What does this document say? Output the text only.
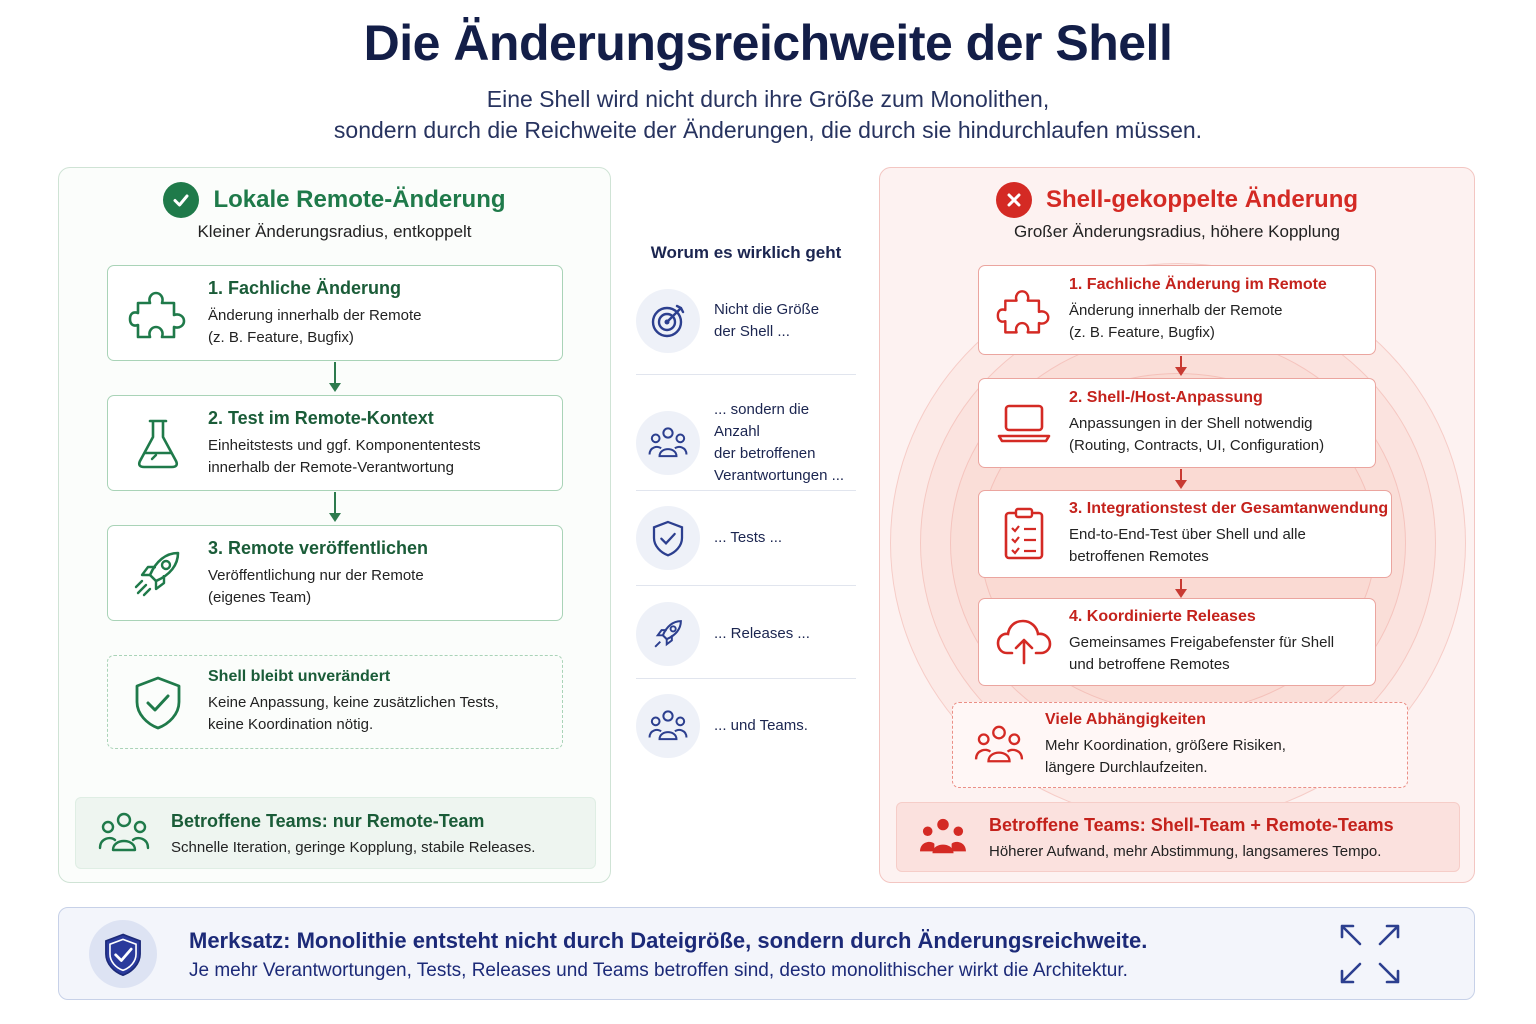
Die Änderungsreichweite der Shell
Eine Shell wird nicht durch ihre Größe zum Monolithen,
sondern durch die Reichweite der Änderungen, die durch sie hindurchlaufen müssen.
Lokale Remote-Änderung
Kleiner Änderungsradius, entkoppelt
1. Fachliche Änderung
Änderung innerhalb der Remote
(z. B. Feature, Bugfix)
2. Test im Remote-Kontext
Einheitstests und ggf. Komponententests
innerhalb der Remote-Verantwortung
3. Remote veröffentlichen
Veröffentlichung nur der Remote
(eigenes Team)
Shell bleibt unverändert
Keine Anpassung, keine zusätzlichen Tests,
keine Koordination nötig.
Betroffene Teams: nur Remote-Team
Schnelle Iteration, geringe Kopplung, stabile Releases.
Worum es wirklich geht
Nicht die Größe
der Shell ...
... sondern die Anzahl
der betroffenen
Verantwortungen ...
... Tests ...
... Releases ...
... und Teams.
Shell-gekoppelte Änderung
Großer Änderungsradius, höhere Kopplung
1. Fachliche Änderung im Remote
Änderung innerhalb der Remote
(z. B. Feature, Bugfix)
2. Shell-/Host-Anpassung
Anpassungen in der Shell notwendig
(Routing, Contracts, UI, Configuration)
3. Integrationstest der Gesamtanwendung
End-to-End-Test über Shell und alle
betroffenen Remotes
4. Koordinierte Releases
Gemeinsames Freigabefenster für Shell
und betroffene Remotes
Viele Abhängigkeiten
Mehr Koordination, größere Risiken,
längere Durchlaufzeiten.
Betroffene Teams: Shell-Team + Remote-Teams
Höherer Aufwand, mehr Abstimmung, langsameres Tempo.
Merksatz: Monolithie entsteht nicht durch Dateigröße, sondern durch Änderungsreichweite.
Je mehr Verantwortungen, Tests, Releases und Teams betroffen sind, desto monolithischer wirkt die Architektur.
